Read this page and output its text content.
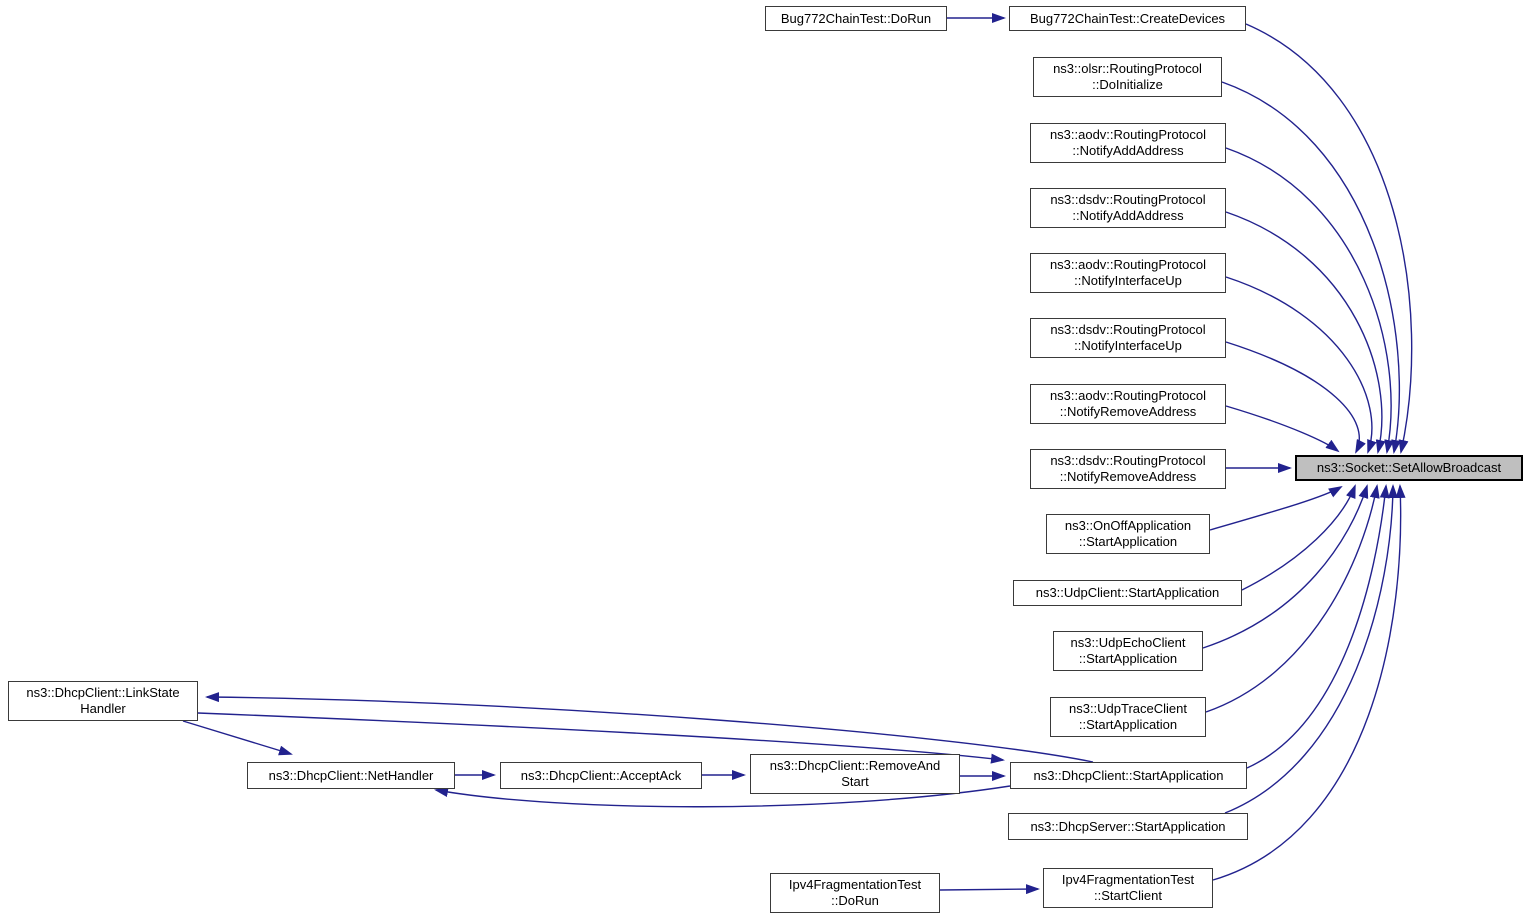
Bug772ChainTest::DoRun	Bug772ChainTest::CreateDevices
ns3::olsr::RoutingProtocol
::DoInitialize
ns3::aodv::RoutingProtocol
::NotifyAddAddress
ns3::dsdv::RoutingProtocol
::NotifyAddAddress
ns3::aodv::RoutingProtocol
::NotifyInterfaceUp
ns3::dsdv::RoutingProtocol
::NotifyInterfaceUp
ns3::aodv::RoutingProtocol
::NotifyRemoveAddress
ns3::dsdv::RoutingProtocol
::NotifyRemoveAddress
ns3::Socket::SetAllowBroadcast
ns3::OnOffApplication
::StartApplication
ns3::UdpClient::StartApplication
ns3::UdpEchoClient
::StartApplication
ns3::UdpTraceClient
::StartApplication
ns3::DhcpClient::LinkState
Handler
ns3::DhcpClient::NetHandler	ns3::DhcpClient::AcceptAck
ns3::DhcpClient::RemoveAnd
Start	ns3::DhcpClient::StartApplication
ns3::DhcpServer::StartApplication
Ipv4FragmentationTest
::DoRun
Ipv4FragmentationTest
::StartClient
